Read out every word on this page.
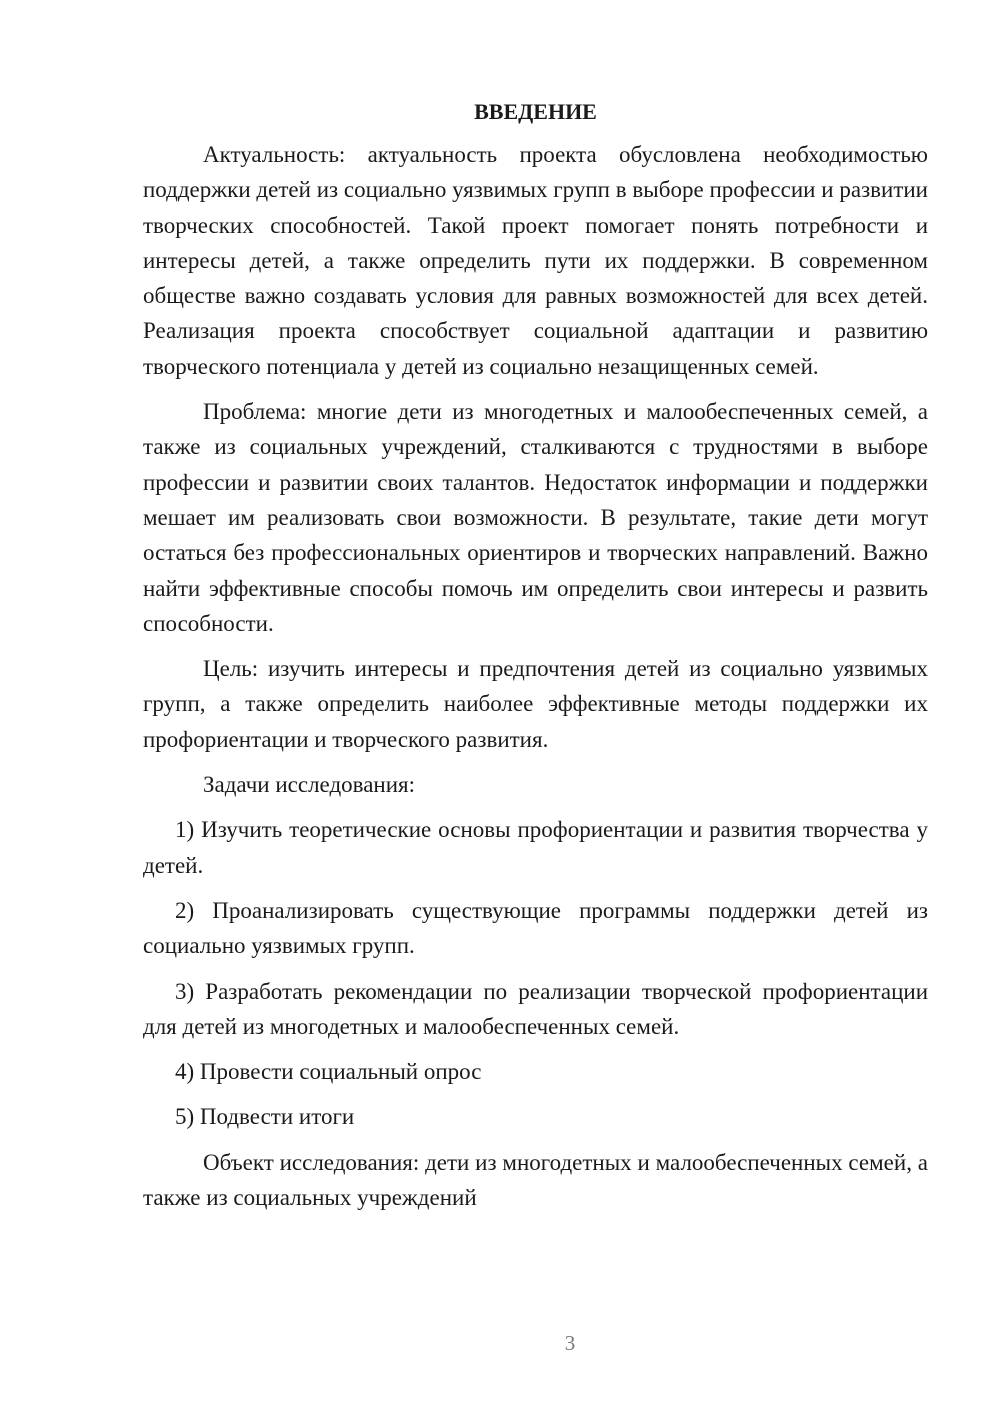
ВВЕДЕНИЕ

Актуальность: актуальность проекта обусловлена необходимостью поддержки детей из социально уязвимых групп в выборе профессии и развитии творческих способностей. Такой проект помогает понять потребности и интересы детей, а также определить пути их поддержки. В современном обществе важно создавать условия для равных возможностей для всех детей. Реализация проекта способствует социальной адаптации и развитию творческого потенциала у детей из социально незащищенных семей.

Проблема: многие дети из многодетных и малообеспеченных семей, а также из социальных учреждений, сталкиваются с трудностями в выборе профессии и развитии своих талантов. Недостаток информации и поддержки мешает им реализовать свои возможности. В результате, такие дети могут остаться без профессиональных ориентиров и творческих направлений. Важно найти эффективные способы помочь им определить свои интересы и развить способности.

Цель: изучить интересы и предпочтения детей из социально уязвимых групп, а также определить наиболее эффективные методы поддержки их профориентации и творческого развития.

Задачи исследования:

1) Изучить теоретические основы профориентации и развития творчества у детей.

2) Проанализировать существующие программы поддержки детей из социально уязвимых групп.

3) Разработать рекомендации по реализации творческой профориентации для детей из многодетных и малообеспеченных семей.

4) Провести социальный опрос

5) Подвести итоги

Объект исследования: дети из многодетных и малообеспеченных семей, а также из социальных учреждений

3
